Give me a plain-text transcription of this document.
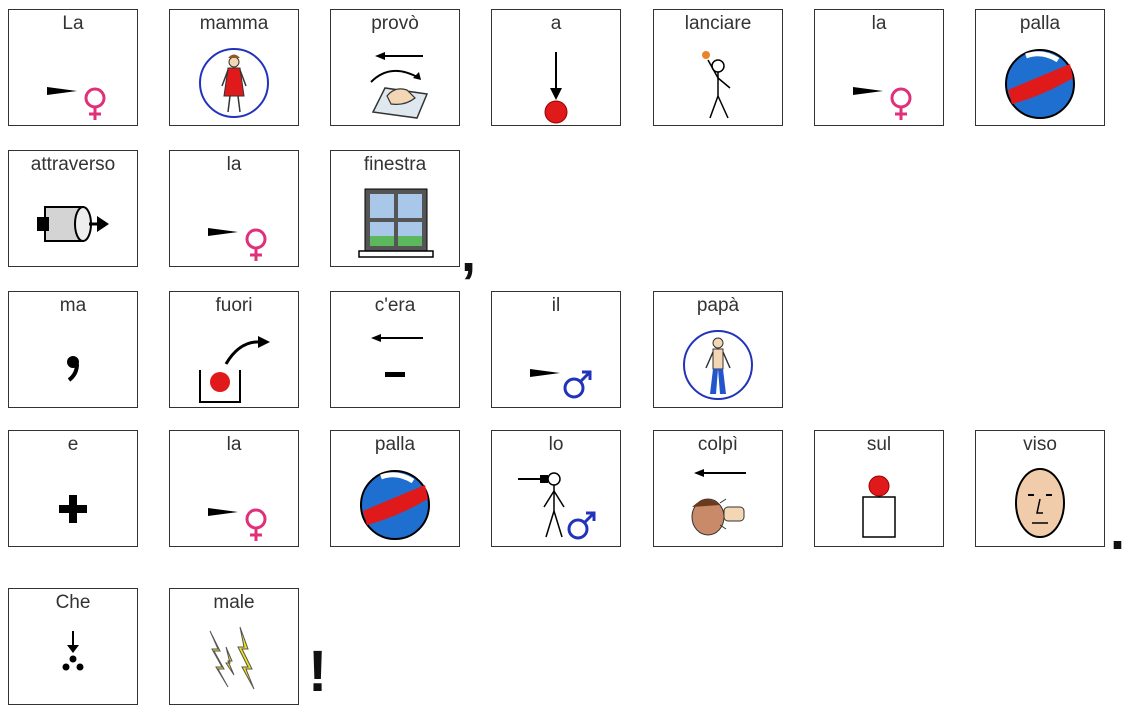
La	mamma	provò	a	lanciare	la	palla
attraverso	la	finestra
,
ma	fuori	c'era	il	papà
e	la	palla	lo	colpì	sul	viso
.
Che	male
!
